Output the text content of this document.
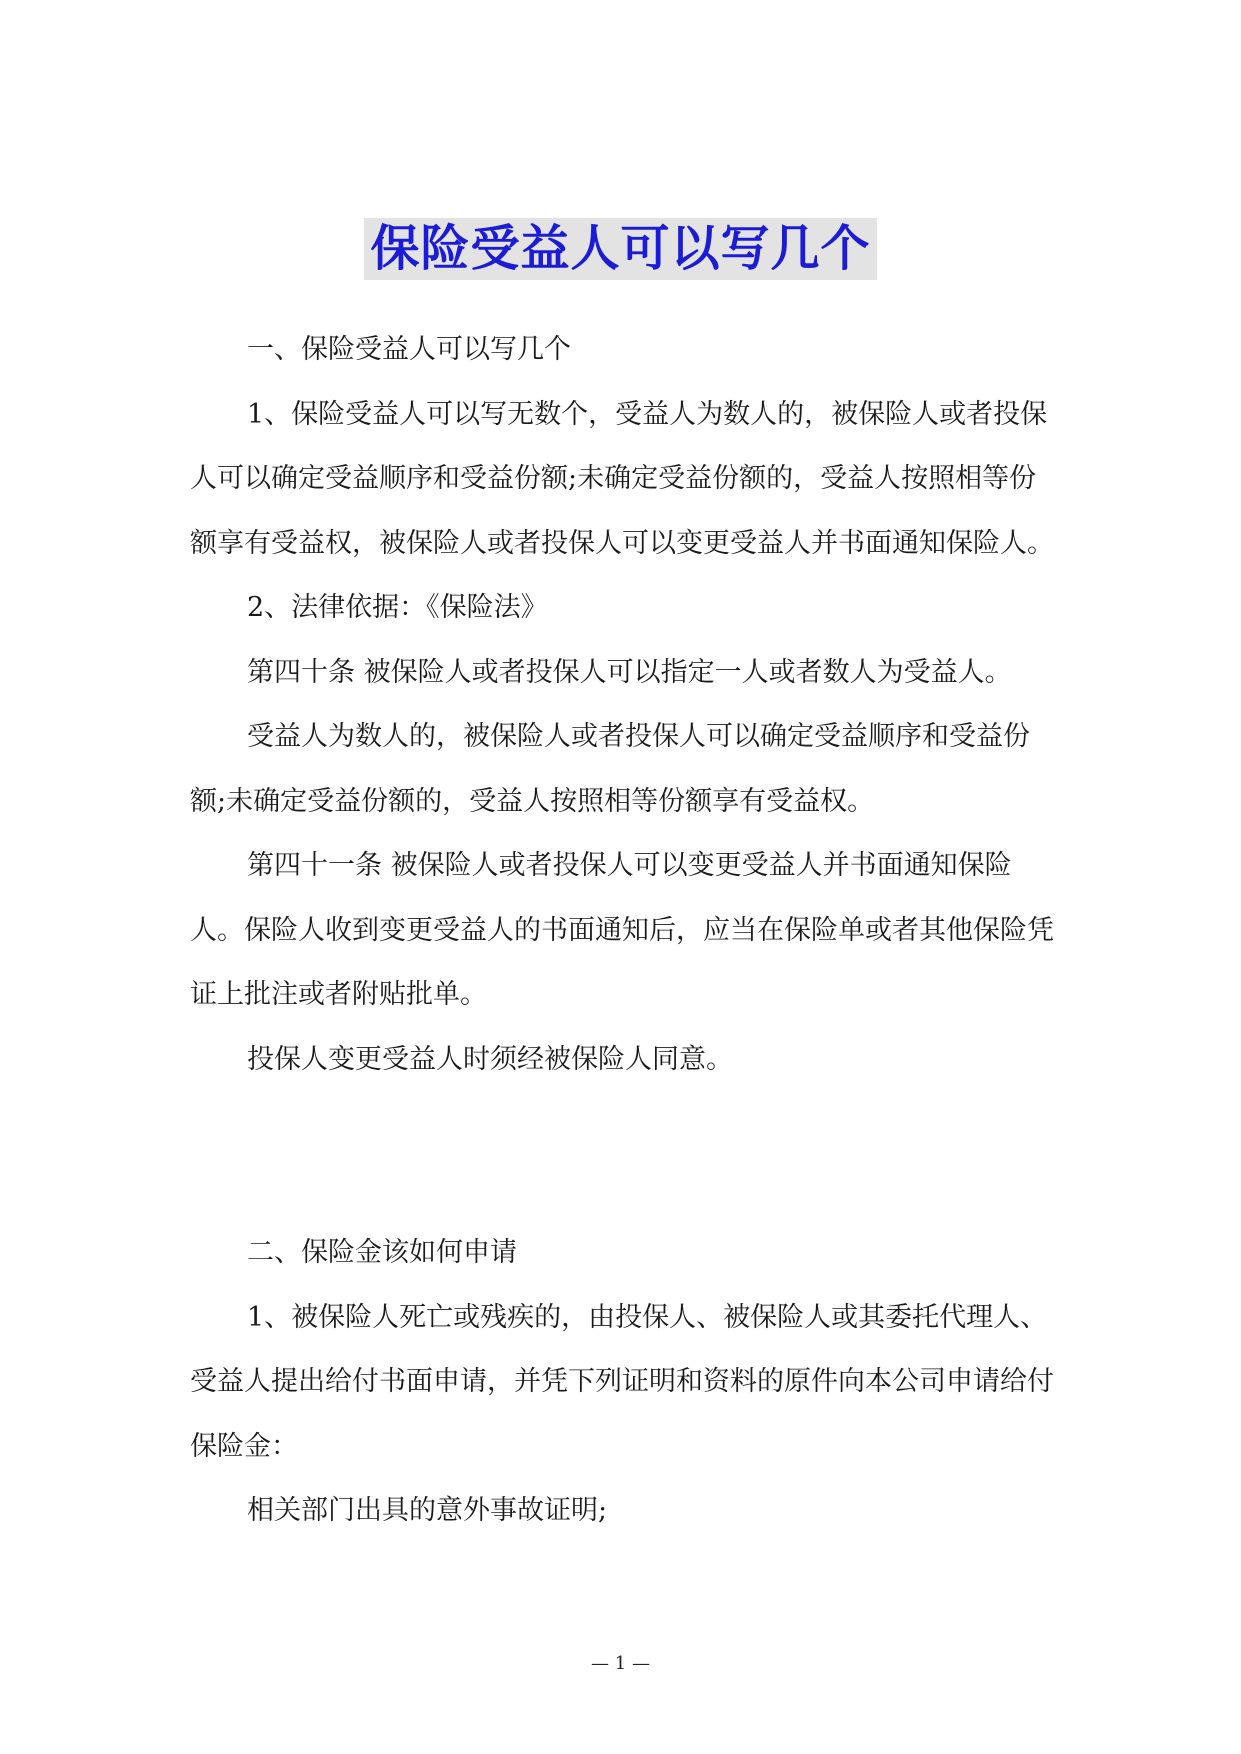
保险受益人可以写几个

一、保险受益人可以写几个

1、保险受益人可以写无数个，受益人为数人的，被保险人或者投保人可以确定受益顺序和受益份额;未确定受益份额的，受益人按照相等份额享有受益权，被保险人或者投保人可以变更受益人并书面通知保险人。

2、法律依据：《保险法》

第四十条 被保险人或者投保人可以指定一人或者数人为受益人。

受益人为数人的，被保险人或者投保人可以确定受益顺序和受益份额;未确定受益份额的，受益人按照相等份额享有受益权。

第四十一条 被保险人或者投保人可以变更受益人并书面通知保险人。保险人收到变更受益人的书面通知后，应当在保险单或者其他保险凭证上批注或者附贴批单。

投保人变更受益人时须经被保险人同意。

二、保险金该如何申请

1、被保险人死亡或残疾的，由投保人、被保险人或其委托代理人、受益人提出给付书面申请，并凭下列证明和资料的原件向本公司申请给付保险金：

相关部门出具的意外事故证明;

— 1 —
